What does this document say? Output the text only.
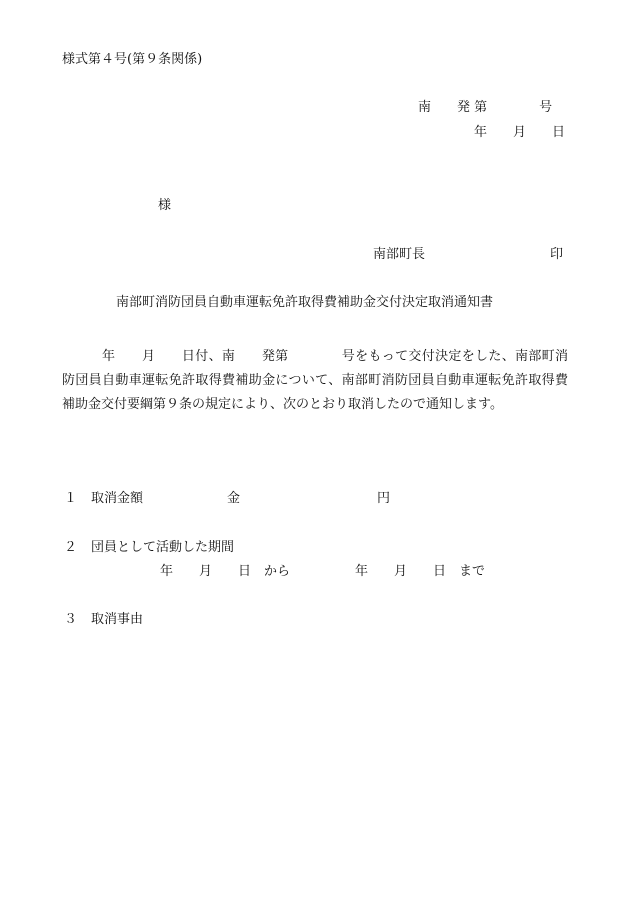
様式第４号(第９条関係)
南　　発 第　　　　号
年　　月　　日
様
南部町長	印
南部町消防団員自動車運転免許取得費補助金交付決定取消通知書
　　　年　　月　　日付、南　　発第　　　　号をもって交付決定をした、南部町消防団員自動車運転免許取得費補助金について、南部町消防団員自動車運転免許取得費補助金交付要綱第９条の規定により、次のとおり取消したので通知します。
１ 取消金額	金	円
２ 団員として活動した期間
年　　月　　日　から　　　　　年　　月　　日　まで
３ 取消事由
